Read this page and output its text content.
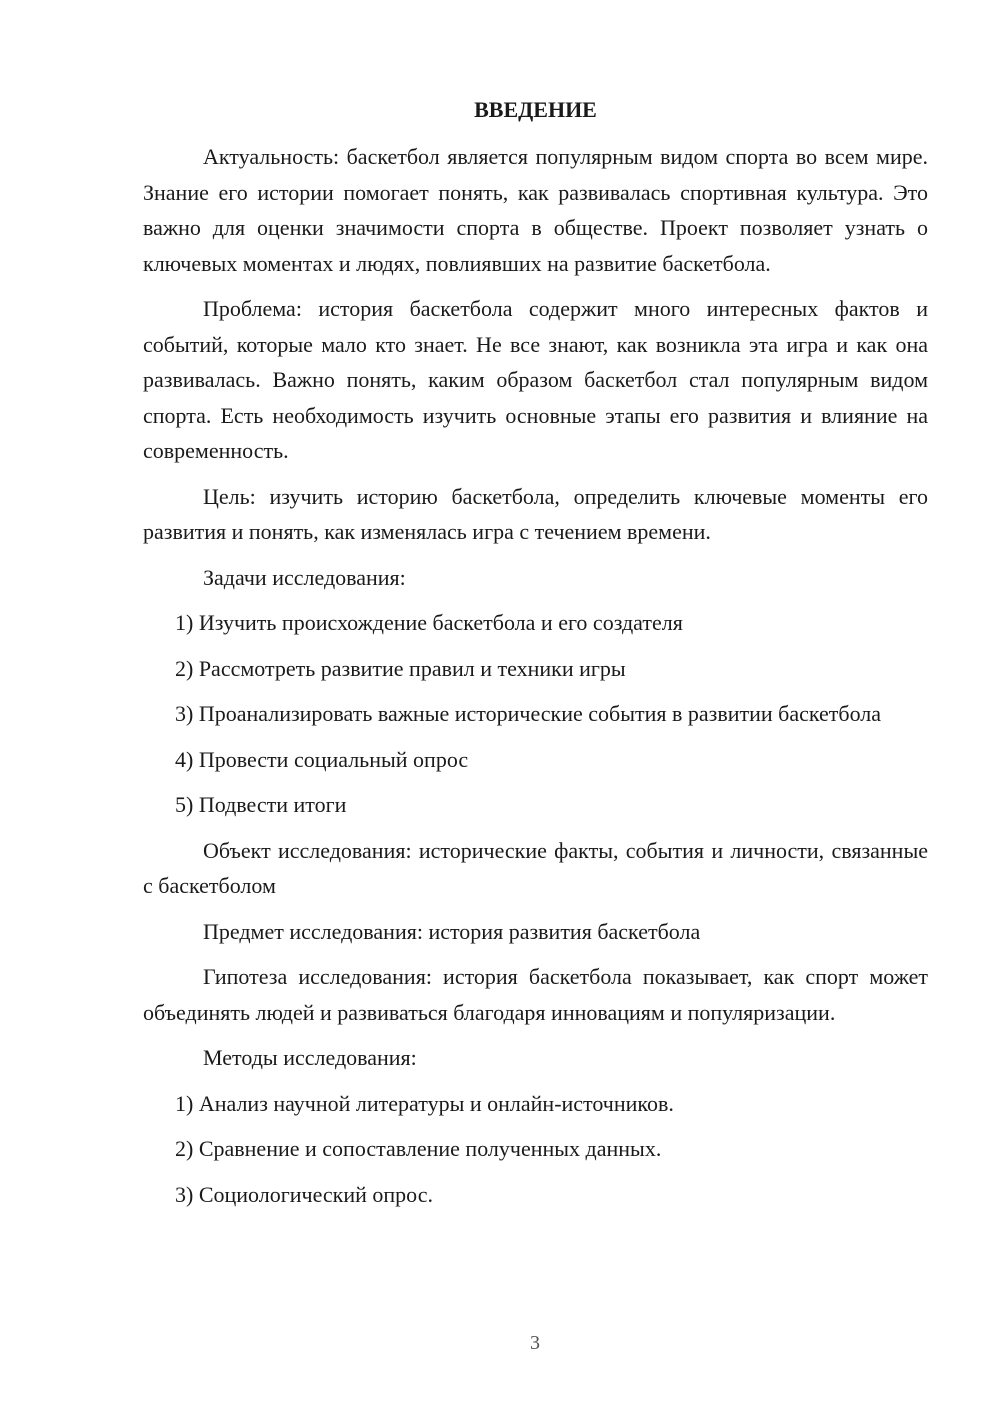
ВВЕДЕНИЕ

Актуальность: баскетбол является популярным видом спорта во всем мире. Знание его истории помогает понять, как развивалась спортивная культура. Это важно для оценки значимости спорта в обществе. Проект позволяет узнать о ключевых моментах и людях, повлиявших на развитие баскетбола.

Проблема: история баскетбола содержит много интересных фактов и событий, которые мало кто знает. Не все знают, как возникла эта игра и как она развивалась. Важно понять, каким образом баскетбол стал популярным видом спорта. Есть необходимость изучить основные этапы его развития и влияние на современность.

Цель: изучить историю баскетбола, определить ключевые моменты его развития и понять, как изменялась игра с течением времени.

Задачи исследования:

1) Изучить происхождение баскетбола и его создателя

2) Рассмотреть развитие правил и техники игры

3) Проанализировать важные исторические события в развитии баскетбола

4) Провести социальный опрос

5) Подвести итоги

Объект исследования: исторические факты, события и личности, связанные с баскетболом

Предмет исследования: история развития баскетбола

Гипотеза исследования: история баскетбола показывает, как спорт может объединять людей и развиваться благодаря инновациям и популяризации.

Методы исследования:

1) Анализ научной литературы и онлайн-источников.

2) Сравнение и сопоставление полученных данных.

3) Социологический опрос.

3
